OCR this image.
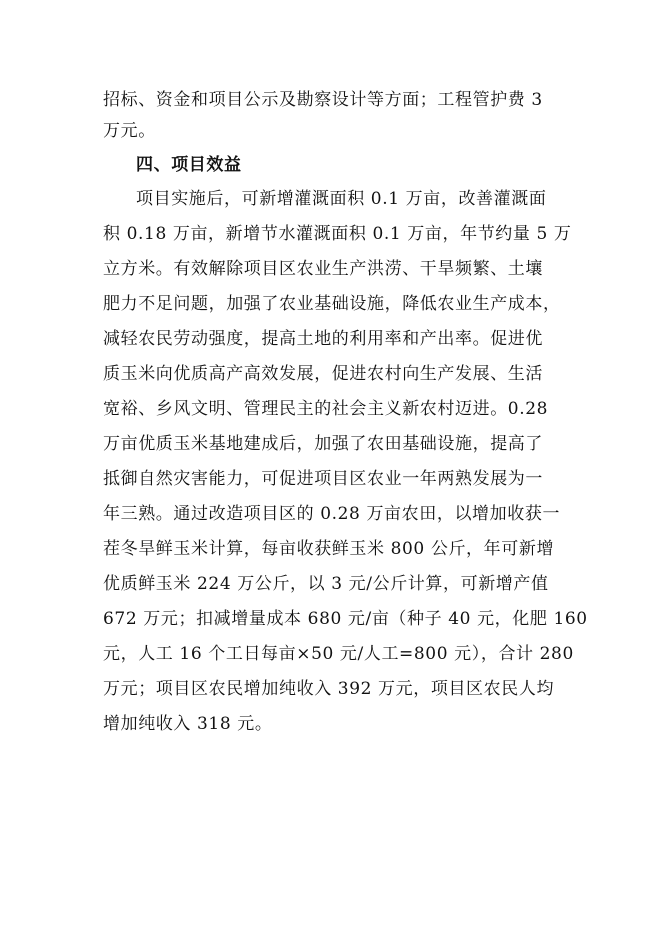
招标、资金和项目公示及勘察设计等方面；工程管护费 3
万元。
四、项目效益
项目实施后，可新增灌溉面积 0.1 万亩，改善灌溉面
积 0.18 万亩，新增节水灌溉面积 0.1 万亩，年节约量 5 万
立方米。有效解除项目区农业生产洪涝、干旱频繁、土壤
肥力不足问题，加强了农业基础设施，降低农业生产成本，
减轻农民劳动强度，提高土地的利用率和产出率。促进优
质玉米向优质高产高效发展，促进农村向生产发展、生活
宽裕、乡风文明、管理民主的社会主义新农村迈进。0.28
万亩优质玉米基地建成后，加强了农田基础设施，提高了
抵御自然灾害能力，可促进项目区农业一年两熟发展为一
年三熟。通过改造项目区的 0.28 万亩农田，以增加收获一
茬冬旱鲜玉米计算，每亩收获鲜玉米 800 公斤，年可新增
优质鲜玉米 224 万公斤，以 3 元/公斤计算，可新增产值
672 万元；扣减增量成本 680 元/亩（种子 40 元，化肥 160
元，人工 16 个工日每亩×50 元/人工=800 元），合计 280
万元；项目区农民增加纯收入 392 万元，项目区农民人均
增加纯收入 318 元。
